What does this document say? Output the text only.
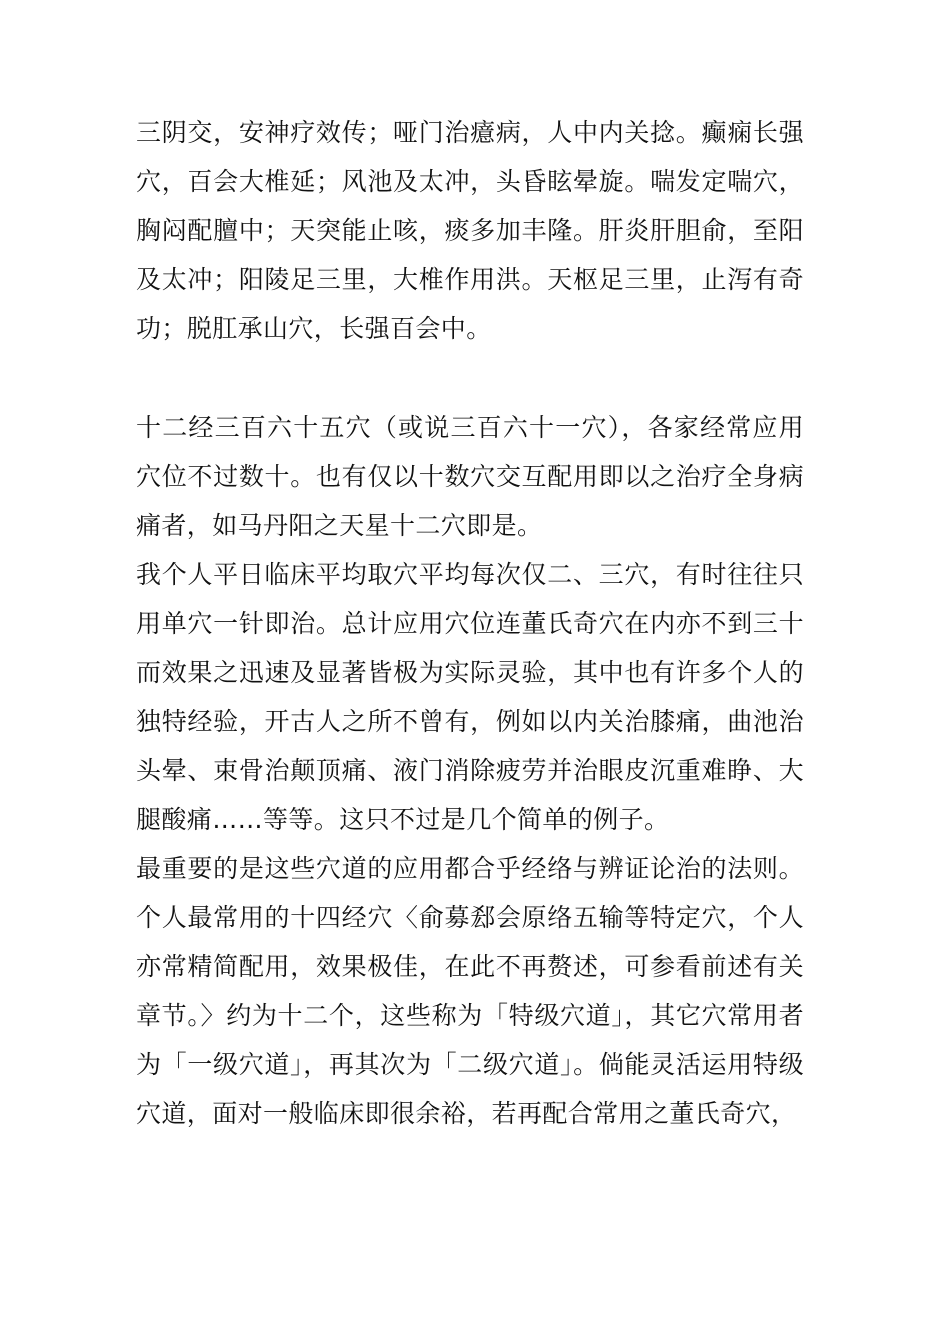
三阴交，安神疗效传；哑门治癔病，人中内关捻。癫痫长强穴，百会大椎延；风池及太冲，头昏眩晕旋。喘发定喘穴，胸闷配膻中；天突能止咳，痰多加丰隆。肝炎肝胆俞，至阳及太冲；阳陵足三里，大椎作用洪。天枢足三里，止泻有奇功；脱肛承山穴，长强百会中。

十二经三百六十五穴（或说三百六十一穴），各家经常应用穴位不过数十。也有仅以十数穴交互配用即以之治疗全身病痛者，如马丹阳之天星十二穴即是。

我个人平日临床平均取穴平均每次仅二、三穴，有时往往只用单穴一针即治。总计应用穴位连董氏奇穴在内亦不到三十而效果之迅速及显著皆极为实际灵验，其中也有许多个人的独特经验，开古人之所不曾有，例如以内关治膝痛，曲池治头晕、束骨治颠顶痛、液门消除疲劳并治眼皮沉重难睁、大腿酸痛……等等。这只不过是几个简单的例子。

最重要的是这些穴道的应用都合乎经络与辨证论治的法则。个人最常用的十四经穴〈俞募郄会原络五输等特定穴，个人亦常精简配用，效果极佳，在此不再赘述，可参看前述有关章节。〉约为十二个，这些称为「特级穴道」，其它穴常用者为「一级穴道」，再其次为「二级穴道」。倘能灵活运用特级穴道，面对一般临床即很余裕，若再配合常用之董氏奇穴，
